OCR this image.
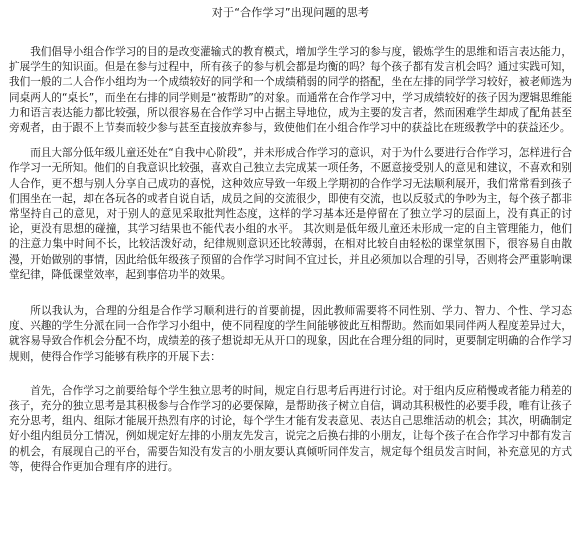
对于“合作学习”出现问题的思考

我们倡导小组合作学习的目的是改变灌输式的教育模式，增加学生学习的参与度，锻炼学生的思维和语言表达能力，扩展学生的知识面。但是在参与过程中，所有孩子的参与机会都是均衡的吗？每个孩子都有发言机会吗？通过实践可知，我们一般的二人合作小组均为一个成绩较好的同学和一个成绩稍弱的同学的搭配，坐在左排的同学学习较好，被老师选为同桌两人的“桌长”，而坐在右排的同学则是“被帮助”的对象。而通常在合作学习中，学习成绩较好的孩子因为逻辑思维能力和语言表达能力都比较强，所以很容易在合作学习中占据主导地位，成为主要的发言者，然而困难学生却成了配角甚至旁观者，由于跟不上节奏而较少参与甚至直接放弃参与，致使他们在小组合作学习中的获益比在班级教学中的获益还少。

而且大部分低年级儿童还处在“自我中心阶段”，并未形成合作学习的意识，对于为什么要进行合作学习，怎样进行合作学习一无所知。他们的自我意识比较强，喜欢自己独立去完成某一项任务，不愿意接受别人的意见和建议，不喜欢和别人合作，更不想与别人分享自己成功的喜悦，这种效应导致一年级上学期初的合作学习无法顺利展开，我们常常看到孩子们围坐在一起，却在各玩各的或者自说自话，成员之间的交流很少，即使有交流，也以反驳式的争吵为主，每个孩子都非常坚持自己的意见，对于别人的意见采取批判性态度，这样的学习基本还是停留在了独立学习的层面上，没有真正的讨论，更没有思想的碰撞，其学习结果也不能代表小组的水平。 其次则是低年级儿童还未形成一定的自主管理能力，他们的注意力集中时间不长，比较活泼好动，纪律规则意识还比较薄弱，在相对比较自由轻松的课堂氛围下，很容易自由散漫，开始做别的事情，因此给低年级孩子预留的合作学习时间不宜过长，并且必须加以合理的引导，否则将会严重影响课堂纪律，降低课堂效率，起到事倍功半的效果。

所以我认为，合理的分组是合作学习顺利进行的首要前提，因此教师需要将不同性别、学力、智力、个性、学习态度、兴趣的学生分派在同一合作学习小组中，使不同程度的学生间能够彼此互相帮助。然而如果同伴两人程度差异过大，就容易导致合作机会分配不均，成绩差的孩子想说却无从开口的现象，因此在合理分组的同时，更要制定明确的合作学习规则，使得合作学习能够有秩序的开展下去：

首先，合作学习之前要给每个学生独立思考的时间，规定自行思考后再进行讨论。对于组内反应稍慢或者能力稍差的孩子，充分的独立思考是其积极参与合作学习的必要保障，是帮助孩子树立自信，调动其积极性的必要手段，唯有让孩子充分思考，组内、组际才能展开热烈有序的讨论，每个学生才能有发表意见、表达自己思维活动的机会；其次，明确制定好小组内组员分工情况，例如规定好左排的小朋友先发言，说完之后换右排的小朋友，让每个孩子在合作学习中都有发言的机会，有展现自己的平台，需要告知没有发言的小朋友要认真倾听同伴发言，规定每个组员发言时间，补充意见的方式等，使得合作更加合理有序的进行。
